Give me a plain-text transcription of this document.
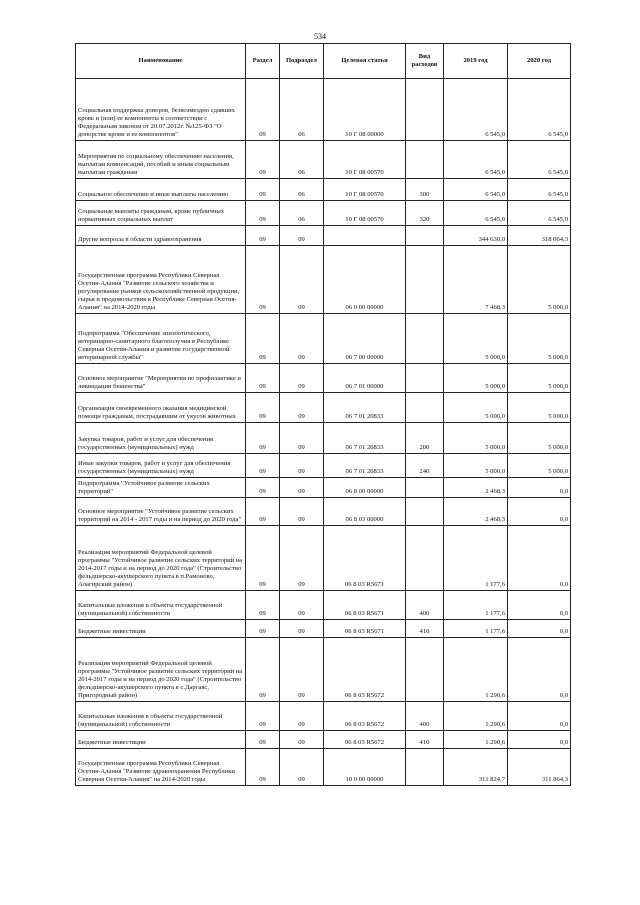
534
Наименование	Раздел	Подраздел	Целевая статья	Вид расходов	2019 год	2020 год
Социальная поддержка доноров, безвозмездно сдавших кровь и (или) ее компоненты в соответствии с Федеральным законом от 20.07.2012г. №125-ФЗ "О донорстве крови и ее компонентов"	09	06	10 Г 08 00000		6 545,0	6 545,0
Мероприятия по социальному обеспечению населения, выплатам компенсаций, пособий и иным социальным выплатам гражданам	09	06	10 Г 08 00570		6 545,0	6 545,0
Социальное обеспечение и иные выплаты населению	09	06	10 Г 08 00570	300	6 545,0	6 545,0
Социальные выплаты гражданам, кроме публичных нормативных социальных выплат	09	06	10 Г 08 00570	320	6 545,0	6 545,0
Другие вопросы в области здравоохранения	09	09			344 630,0	318 064,3
Государственная программа Республики Северная Осетия-Алания "Развитие сельского хозяйства и регулирование рынков сельскохозяйственной продукции, сырья и продовольствия в Республике Северная Осетия-Алания" на 2014-2020 годы	09	09	06 0 00 00000		7 468,3	5 000,0
Подпрограмма "Обеспечение эпизоотического, ветеринарно-санитарного благополучия в Республике Северная Осетия-Алания и развитие государственной ветеринарной службы"	09	09	06 7 00 00000		5 000,0	5 000,0
Основное мероприятие "Мероприятия по профилактике и ликвидации бешенства"	09	09	06 7 01 00000		5 000,0	5 000,0
Организация своевременного оказания медицинской помощи гражданам, пострадавшим от укусов животных	09	09	06 7 01 20833		5 000,0	5 000,0
Закупка товаров, работ и услуг для обеспечения государственных (муниципальных) нужд	09	09	06 7 01 20833	200	5 000,0	5 000,0
Иные закупки товаров, работ и услуг для обеспечения государственных (муниципальных) нужд	09	09	06 7 01 20833	240	5 000,0	5 000,0
Подпрограмма "Устойчивое развитие сельских территорий"	09	09	06 8 00 00000		2 468,3	0,0
Основное мероприятие "Устойчивое развитие сельских территорий на 2014 - 2017 годы и на период до 2020 года"	09	09	06 8 03 00000		2 468,3	0,0
Реализация мероприятий Федеральной целевой программы "Устойчивое развитие сельских территорий на 2014-2017 годы и на период до 2020 года" (Строительство фельдшерско-акушерского пункта в п.Рамоново, Алагирский район)	09	09	06 8 03 R5671		1 177,6	0,0
Капитальные вложения в объекты государственной (муниципальной) собственности	09	09	06 8 03 R5671	400	1 177,6	0,0
Бюджетные инвестиции	09	09	06 8 03 R5671	410	1 177,6	0,0
Реализация мероприятий Федеральной целевой программы "Устойчивое развитие сельских территорий на 2014-2017 годы и на период до 2020 года" (Строительство фельдшерско-акушерского пункта в с.Даргавс, Пригородный район)	09	09	06 8 03 R5672		1 290,6	0,0
Капитальные вложения в объекты государственной (муниципальной) собственности	09	09	06 8 03 R5672	400	1 290,6	0,0
Бюджетные инвестиции	09	09	06 8 03 R5672	410	1 290,6	0,0
Государственная программа Республики Северная Осетия-Алания "Развитие здравоохранения Республики Северная Осетия-Алания" на 2014-2020 годы	09	09	10 0 00 00000		311 824,7	311 864,3
